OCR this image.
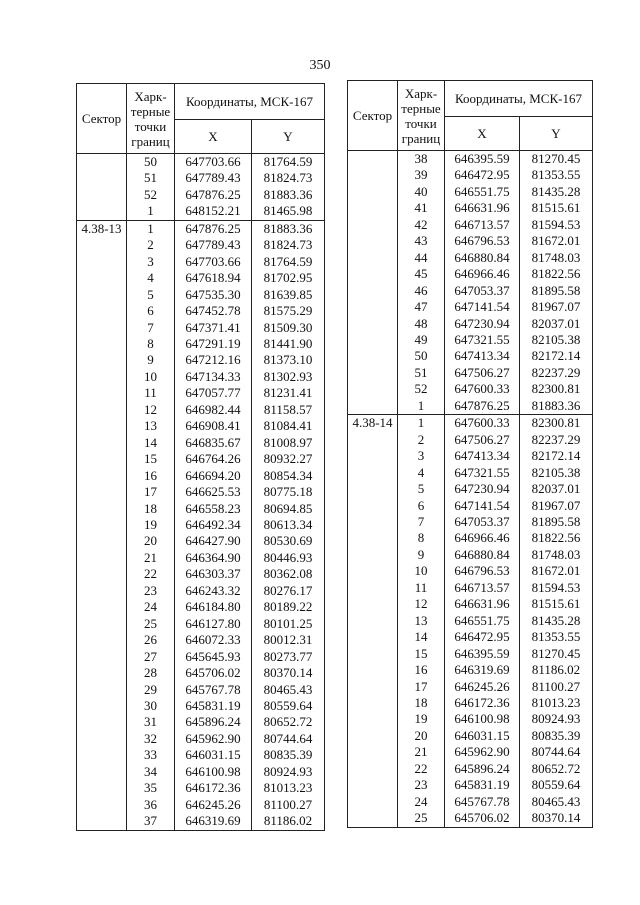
350
Сектор	Харк-терные точки границ	Координаты, МСК-167	
		X	Y
	50	647703.66	81764.59
	51	647789.43	81824.73
	52	647876.25	81883.36
	1	648152.21	81465.98
4.38-13	1	647876.25	81883.36
	2	647789.43	81824.73
	3	647703.66	81764.59
	4	647618.94	81702.95
	5	647535.30	81639.85
	6	647452.78	81575.29
	7	647371.41	81509.30
	8	647291.19	81441.90
	9	647212.16	81373.10
	10	647134.33	81302.93
	11	647057.77	81231.41
	12	646982.44	81158.57
	13	646908.41	81084.41
	14	646835.67	81008.97
	15	646764.26	80932.27
	16	646694.20	80854.34
	17	646625.53	80775.18
	18	646558.23	80694.85
	19	646492.34	80613.34
	20	646427.90	80530.69
	21	646364.90	80446.93
	22	646303.37	80362.08
	23	646243.32	80276.17
	24	646184.80	80189.22
	25	646127.80	80101.25
	26	646072.33	80012.31
	27	645645.93	80273.77
	28	645706.02	80370.14
	29	645767.78	80465.43
	30	645831.19	80559.64
	31	645896.24	80652.72
	32	645962.90	80744.64
	33	646031.15	80835.39
	34	646100.98	80924.93
	35	646172.36	81013.23
	36	646245.26	81100.27
	37	646319.69	81186.02
Сектор	Харк-терные точки границ	Координаты, МСК-167	
		X	Y
	38	646395.59	81270.45
	39	646472.95	81353.55
	40	646551.75	81435.28
	41	646631.96	81515.61
	42	646713.57	81594.53
	43	646796.53	81672.01
	44	646880.84	81748.03
	45	646966.46	81822.56
	46	647053.37	81895.58
	47	647141.54	81967.07
	48	647230.94	82037.01
	49	647321.55	82105.38
	50	647413.34	82172.14
	51	647506.27	82237.29
	52	647600.33	82300.81
	1	647876.25	81883.36
4.38-14	1	647600.33	82300.81
	2	647506.27	82237.29
	3	647413.34	82172.14
	4	647321.55	82105.38
	5	647230.94	82037.01
	6	647141.54	81967.07
	7	647053.37	81895.58
	8	646966.46	81822.56
	9	646880.84	81748.03
	10	646796.53	81672.01
	11	646713.57	81594.53
	12	646631.96	81515.61
	13	646551.75	81435.28
	14	646472.95	81353.55
	15	646395.59	81270.45
	16	646319.69	81186.02
	17	646245.26	81100.27
	18	646172.36	81013.23
	19	646100.98	80924.93
	20	646031.15	80835.39
	21	645962.90	80744.64
	22	645896.24	80652.72
	23	645831.19	80559.64
	24	645767.78	80465.43
	25	645706.02	80370.14
